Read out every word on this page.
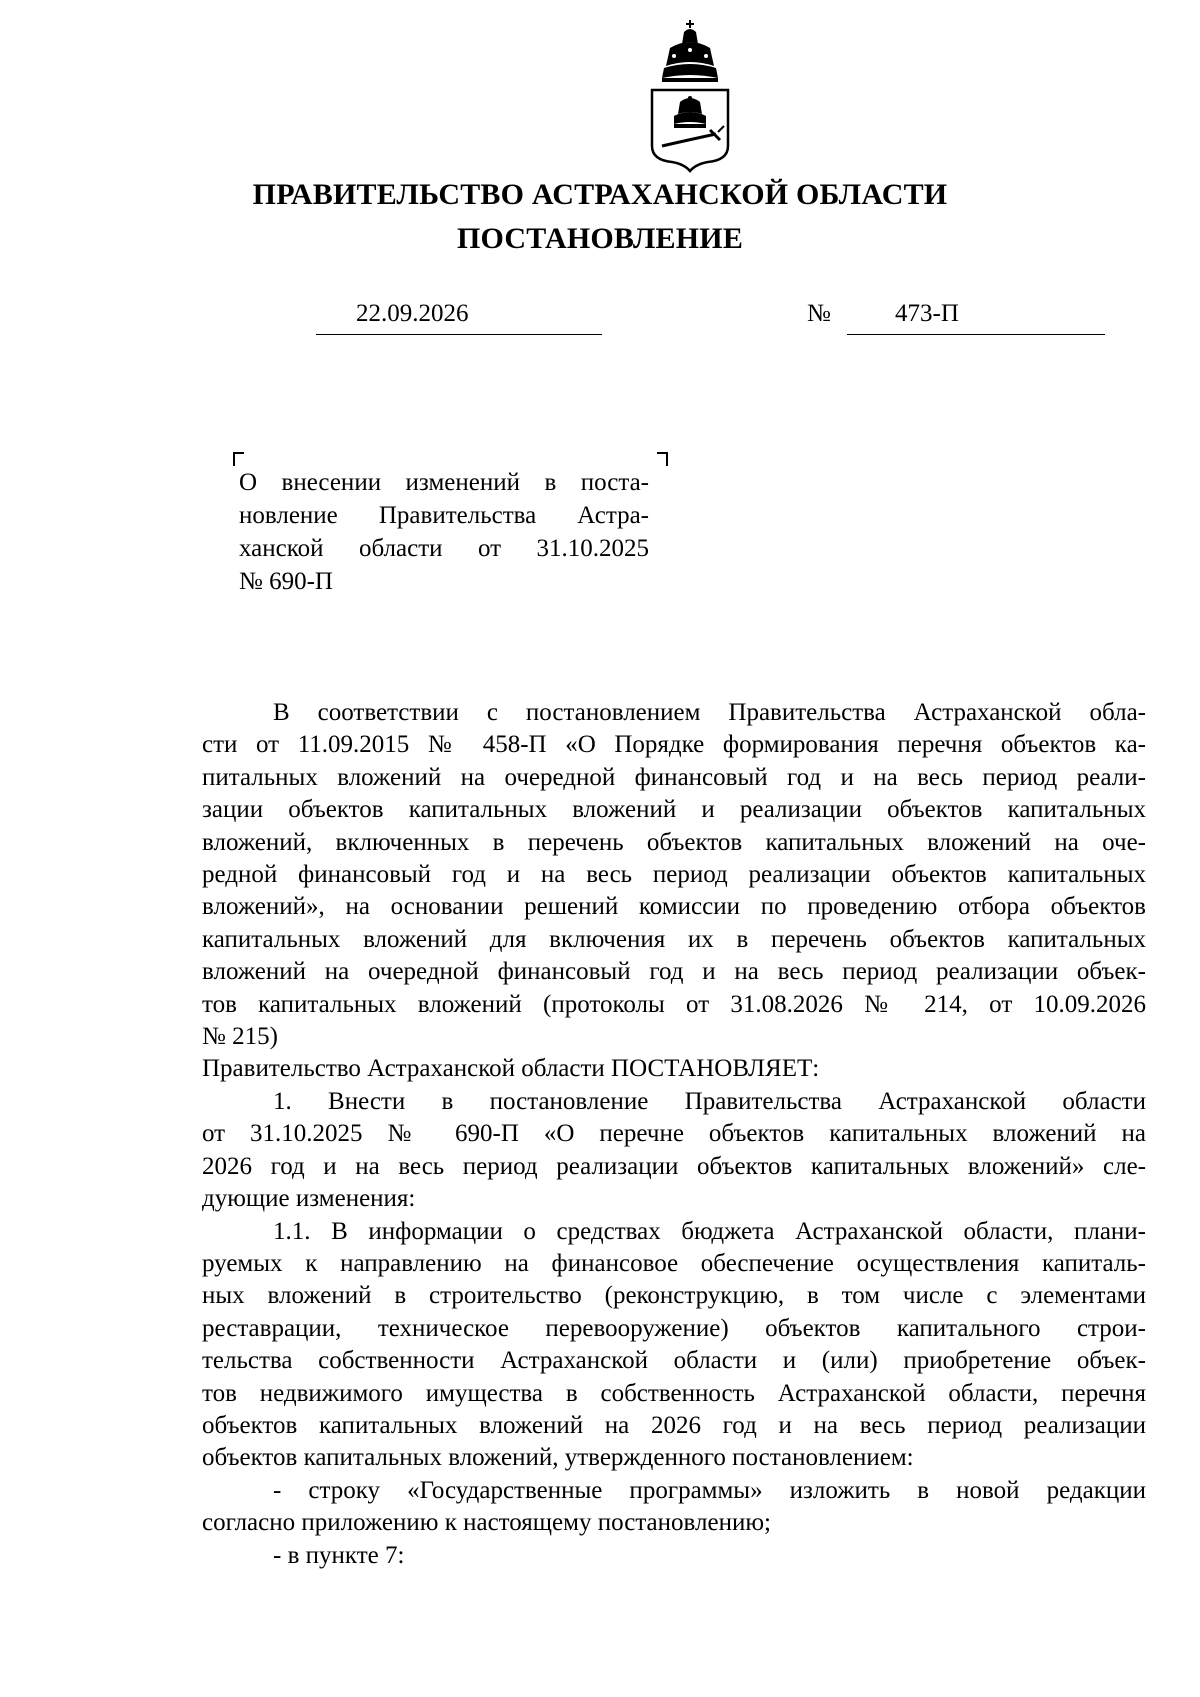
ПРАВИТЕЛЬСТВО АСТРАХАНСКОЙ ОБЛАСТИ
ПОСТАНОВЛЕНИЕ
22.09.2026	№	473-П
О внесении изменений в поста-
новление Правительства Астра-
ханской области от 31.10.2025
№ 690-П
В соответствии с постановлением Правительства Астраханской обла-
сти от 11.09.2015 № 458-П «О Порядке формирования перечня объектов ка-
питальных вложений на очередной финансовый год и на весь период реали-
зации объектов капитальных вложений и реализации объектов капитальных
вложений, включенных в перечень объектов капитальных вложений на оче-
редной финансовый год и на весь период реализации объектов капитальных
вложений», на основании решений комиссии по проведению отбора объектов
капитальных вложений для включения их в перечень объектов капитальных
вложений на очередной финансовый год и на весь период реализации объек-
тов капитальных вложений (протоколы от 31.08.2026 № 214, от 10.09.2026
№ 215)
Правительство Астраханской области ПОСТАНОВЛЯЕТ:
1. Внести в постановление Правительства Астраханской области
от 31.10.2025 № 690-П «О перечне объектов капитальных вложений на
2026 год и на весь период реализации объектов капитальных вложений» сле-
дующие изменения:
1.1. В информации о средствах бюджета Астраханской области, плани-
руемых к направлению на финансовое обеспечение осуществления капиталь-
ных вложений в строительство (реконструкцию, в том числе с элементами
реставрации, техническое перевооружение) объектов капитального строи-
тельства собственности Астраханской области и (или) приобретение объек-
тов недвижимого имущества в собственность Астраханской области, перечня
объектов капитальных вложений на 2026 год и на весь период реализации
объектов капитальных вложений, утвержденного постановлением:
- строку «Государственные программы» изложить в новой редакции
согласно приложению к настоящему постановлению;
- в пункте 7:
